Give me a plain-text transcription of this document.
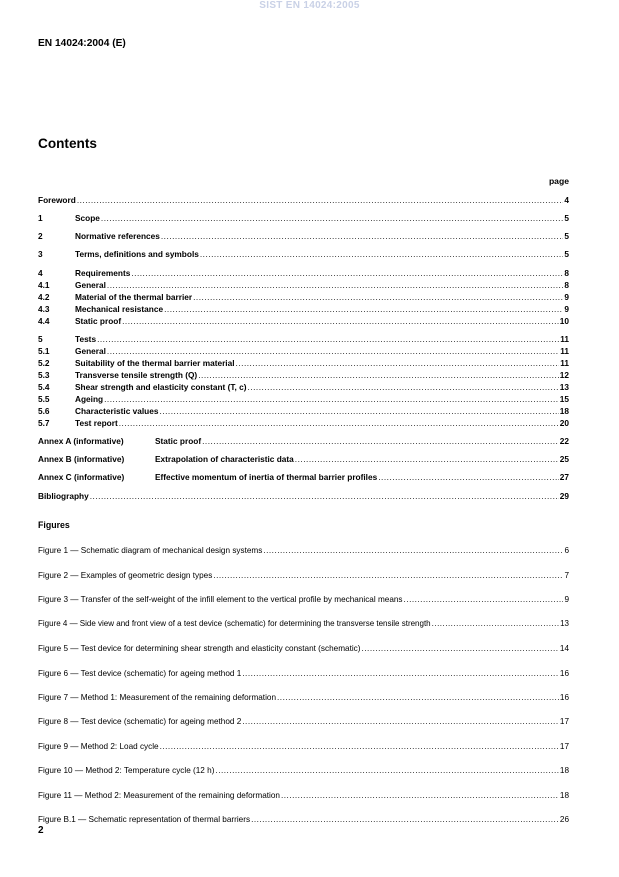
SIST EN 14024:2005
EN 14024:2004 (E)
Contents
page
Foreword .....	4
1	Scope .....	5
2	Normative references .....	5
3	Terms, definitions and symbols .....	5
4	Requirements .....	8
4.1	General .....	8
4.2	Material of the thermal barrier .....	9
4.3	Mechanical resistance .....	9
4.4	Static proof .....	10
5	Tests .....	11
5.1	General .....	11
5.2	Suitability of the thermal barrier material .....	11
5.3	Transverse tensile strength (Q) .....	12
5.4	Shear strength and elasticity constant (T, c) .....	13
5.5	Ageing .....	15
5.6	Characteristic values .....	18
5.7	Test report .....	20
Annex A (informative)	Static proof .....	22
Annex B (informative)	Extrapolation of characteristic data .....	25
Annex C (informative)	Effective momentum of inertia of thermal barrier profiles .....	27
Bibliography .....	29
Figures
Figure 1 — Schematic diagram of mechanical design systems .....	6
Figure 2 — Examples of geometric design types .....	7
Figure 3 — Transfer of the self-weight of the infill element to the vertical profile by mechanical means .....	9
Figure 4 — Side view and front view of a test device (schematic) for determining the transverse tensile strength .....	13
Figure 5 — Test device for determining shear strength and elasticity constant (schematic) .....	14
Figure 6 — Test device (schematic) for ageing method 1 .....	16
Figure 7 — Method 1: Measurement of the remaining deformation .....	16
Figure 8 — Test device (schematic) for ageing method 2 .....	17
Figure 9 — Method 2: Load cycle .....	17
Figure 10 — Method 2: Temperature cycle (12 h) .....	18
Figure 11 — Method 2: Measurement of the remaining deformation .....	18
Figure B.1 — Schematic representation of thermal barriers .....	26
2
